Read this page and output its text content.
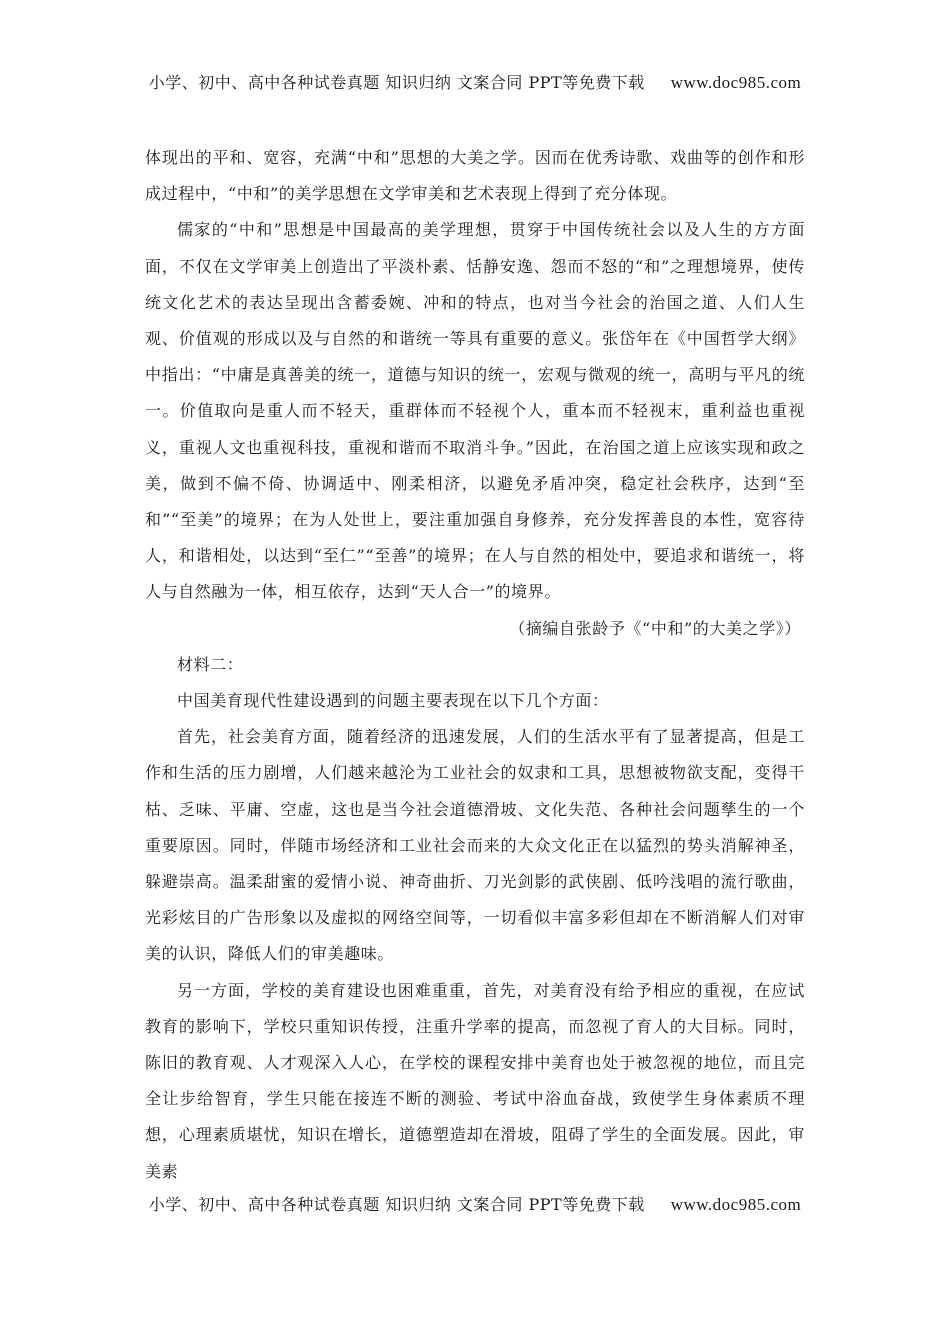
小学、初中、高中各种试卷真题 知识归纳 文案合同 PPT等免费下载 www.doc985.com

体现出的平和、宽容，充满“中和”思想的大美之学。因而在优秀诗歌、戏曲等的创作和形成过程中，“中和”的美学思想在文学审美和艺术表现上得到了充分体现。

儒家的“中和”思想是中国最高的美学理想，贯穿于中国传统社会以及人生的方方面面，不仅在文学审美上创造出了平淡朴素、恬静安逸、怨而不怒的“和”之理想境界，使传统文化艺术的表达呈现出含蓄委婉、冲和的特点，也对当今社会的治国之道、人们人生观、价值观的形成以及与自然的和谐统一等具有重要的意义。张岱年在《中国哲学大纲》中指出：“中庸是真善美的统一，道德与知识的统一，宏观与微观的统一，高明与平凡的统一。价值取向是重人而不轻天，重群体而不轻视个人，重本而不轻视末，重利益也重视义，重视人文也重视科技，重视和谐而不取消斗争。”因此，在治国之道上应该实现和政之美，做到不偏不倚、协调适中、刚柔相济，以避免矛盾冲突，稳定社会秩序，达到“至和”“至美”的境界；在为人处世上，要注重加强自身修养，充分发挥善良的本性，宽容待人，和谐相处，以达到“至仁”“至善”的境界；在人与自然的相处中，要追求和谐统一，将人与自然融为一体，相互依存，达到“天人合一”的境界。

（摘编自张龄予《“中和”的大美之学》）

材料二：

中国美育现代性建设遇到的问题主要表现在以下几个方面：

首先，社会美育方面，随着经济的迅速发展，人们的生活水平有了显著提高，但是工作和生活的压力剧增，人们越来越沦为工业社会的奴隶和工具，思想被物欲支配，变得干枯、乏味、平庸、空虚，这也是当今社会道德滑坡、文化失范、各种社会问题孳生的一个重要原因。同时，伴随市场经济和工业社会而来的大众文化正在以猛烈的势头消解神圣，躲避崇高。温柔甜蜜的爱情小说、神奇曲折、刀光剑影的武侠剧、低吟浅唱的流行歌曲，光彩炫目的广告形象以及虚拟的网络空间等，一切看似丰富多彩但却在不断消解人们对审美的认识，降低人们的审美趣味。

另一方面，学校的美育建设也困难重重，首先，对美育没有给予相应的重视，在应试教育的影响下，学校只重知识传授，注重升学率的提高，而忽视了育人的大目标。同时，陈旧的教育观、人才观深入人心，在学校的课程安排中美育也处于被忽视的地位，而且完全让步给智育，学生只能在接连不断的测验、考试中浴血奋战，致使学生身体素质不理想，心理素质堪忧，知识在增长，道德塑造却在滑坡，阻碍了学生的全面发展。因此，审美素

小学、初中、高中各种试卷真题 知识归纳 文案合同 PPT等免费下载 www.doc985.com
